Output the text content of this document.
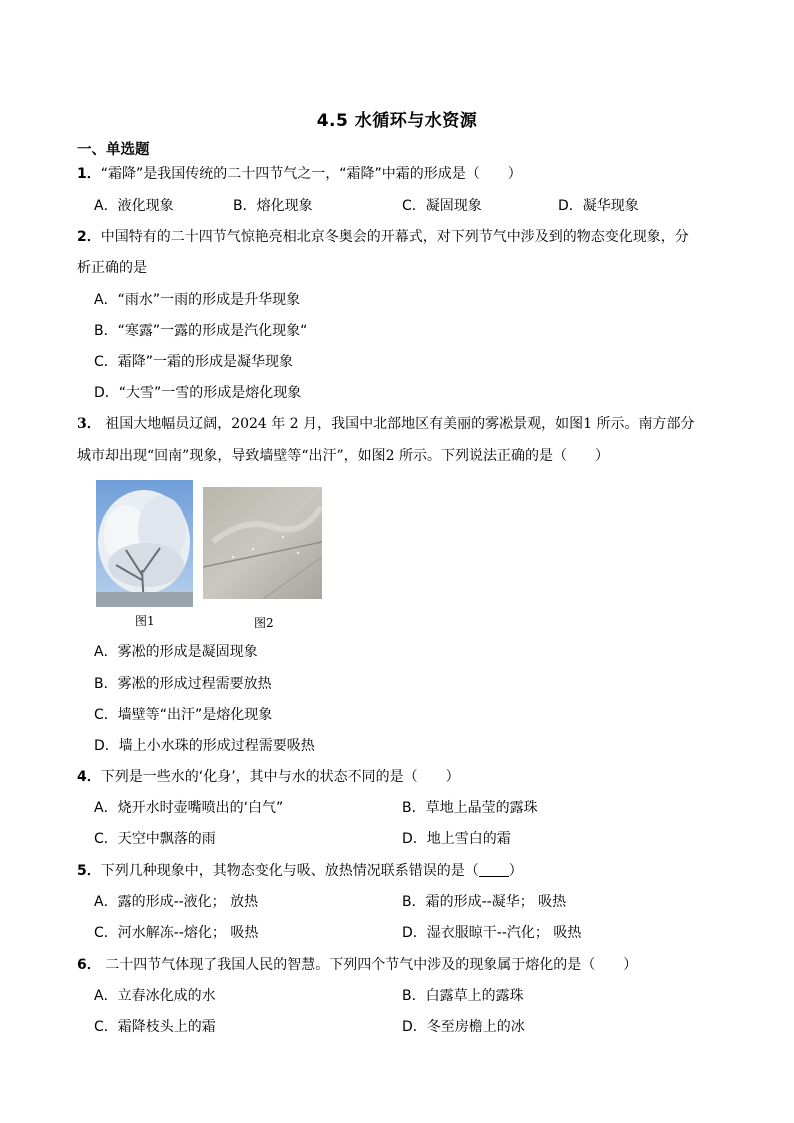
4.5 水循环与水资源
一、单选题
1．“霜降”是我国传统的二十四节气之一，“霜降”中霜的形成是（　　）
A．液化现象	B．熔化现象	C．凝固现象	D．凝华现象
2．中国特有的二十四节气惊艳亮相北京冬奥会的开幕式，对下列节气中涉及到的物态变化现象，分
析正确的是
A．“雨水”一雨的形成是升华现象
B．“寒露”一露的形成是汽化现象“
C．霜降”一霜的形成是凝华现象
D．“大雪”一雪的形成是熔化现象
3． 祖国大地幅员辽阔，2024 年 2 月，我国中北部地区有美丽的雾凇景观，如图1 所示。南方部分
城市却出现“回南”现象，导致墙壁等“出汗”，如图2 所示。下列说法正确的是（　　）
图1	图2
A．雾凇的形成是凝固现象
B．雾凇的形成过程需要放热
C．墙壁等“出汗”是熔化现象
D．墙上小水珠的形成过程需要吸热
4．下列是一些水的‘化身’，其中与水的状态不同的是（　　）
A．烧开水时壶嘴喷出的‘白气”	B．草地上晶莹的露珠
C．天空中飘落的雨	D．地上雪白的霜
5．下列几种现象中，其物态变化与吸、放热情况联系错误的是（ ）
A．露的形成--液化； 放热	B．霜的形成--凝华； 吸热
C．河水解冻--熔化； 吸热	D．湿衣服晾干--汽化； 吸热
6． 二十四节气体现了我国人民的智慧。下列四个节气中涉及的现象属于熔化的是（　　）
A．立春冰化成的水	B．白露草上的露珠
C．霜降枝头上的霜	D．冬至房檐上的冰
